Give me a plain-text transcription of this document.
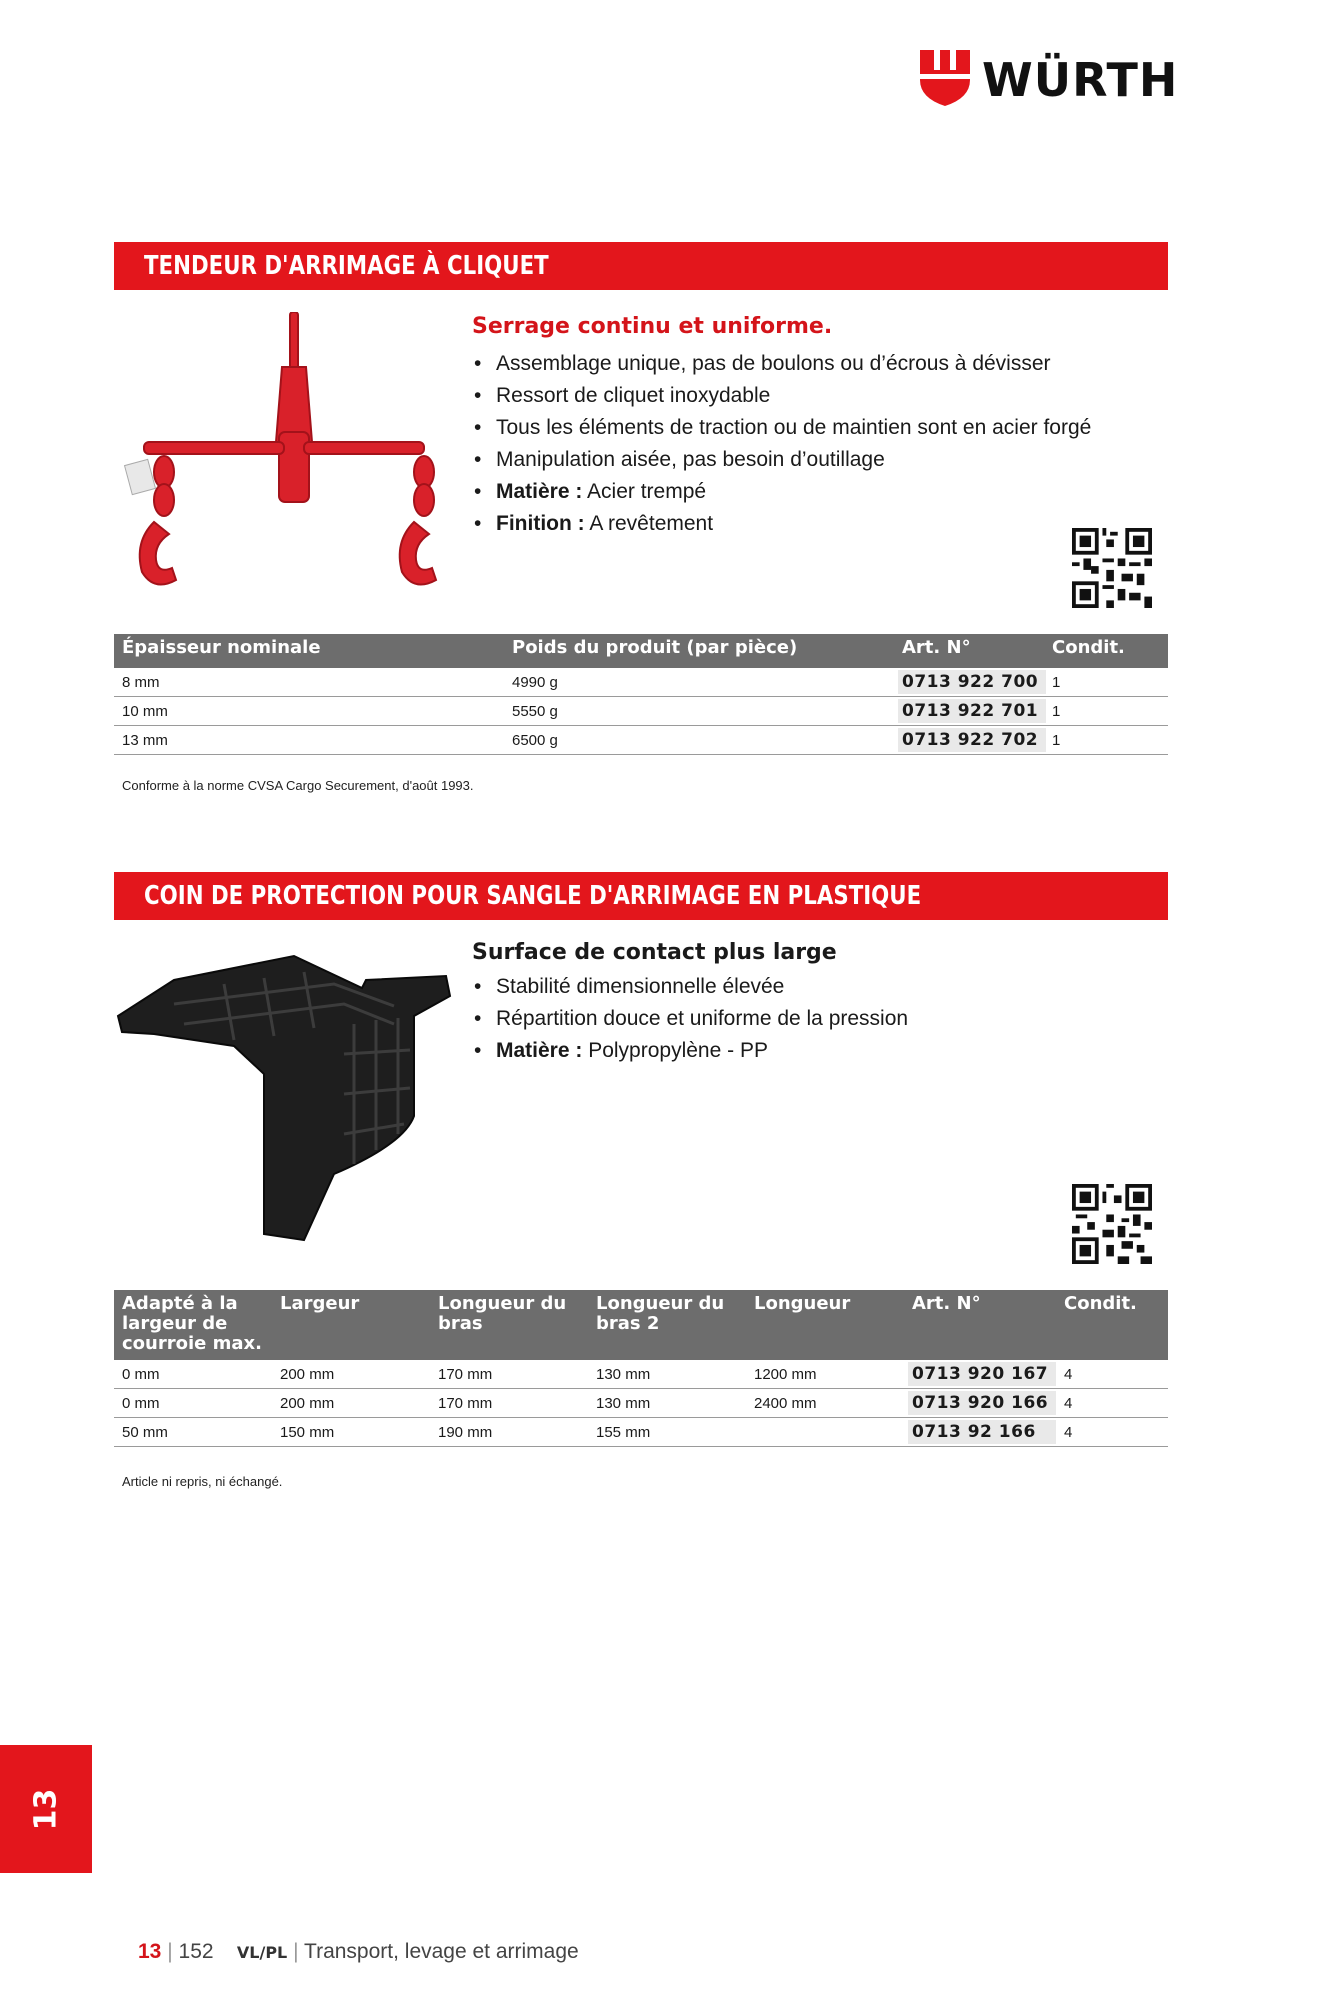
WÜRTH
TENDEUR D'ARRIMAGE À CLIQUET
Serrage continu et uniforme.
• Assemblage unique, pas de boulons ou d’écrous à dévisser
• Ressort de cliquet inoxydable
• Tous les éléments de traction ou de maintien sont en acier forgé
• Manipulation aisée, pas besoin d’outillage
• Matière : Acier trempé
• Finition : A revêtement
Épaisseur nominale	Poids du produit (par pièce)	Art. N°	Condit.
8 mm	4990 g	0713 922 700	1
10 mm	5550 g	0713 922 701	1
13 mm	6500 g	0713 922 702	1
Conforme à la norme CVSA Cargo Securement, d'août 1993.
COIN DE PROTECTION POUR SANGLE D'ARRIMAGE EN PLASTIQUE
Surface de contact plus large
• Stabilité dimensionnelle élevée
• Répartition douce et uniforme de la pression
• Matière : Polypropylène - PP
Adapté à la largeur de courroie max.	Largeur	Longueur du bras	Longueur du bras 2	Longueur	Art. N°	Condit.
0 mm	200 mm	170 mm	130 mm	1200 mm	0713 920 167	4
0 mm	200 mm	170 mm	130 mm	2400 mm	0713 920 166	4
50 mm	150 mm	190 mm	155 mm		0713 92 166	4
Article ni repris, ni échangé.
13
13 | 152 VL/PL | Transport, levage et arrimage
